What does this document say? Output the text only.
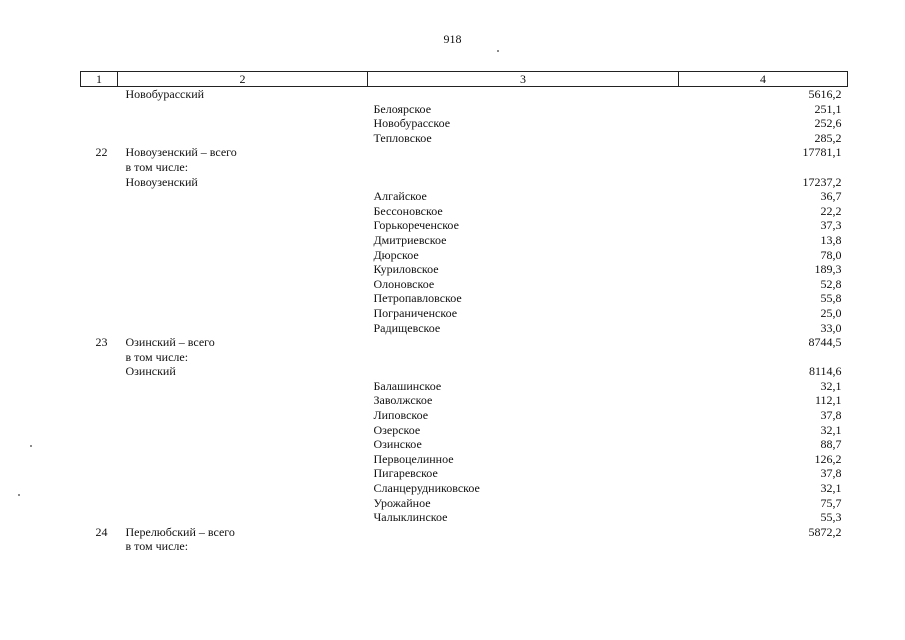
918
1	2	3	4
	Новобурасский		5616,2
		Белоярское	251,1
		Новобурасское	252,6
		Тепловское	285,2
22	Новоузенский – всего		17781,1
	в том числе:		
	Новоузенский		17237,2
		Алгайское	36,7
		Бессоновское	22,2
		Горькореченское	37,3
		Дмитриевское	13,8
		Дюрское	78,0
		Куриловское	189,3
		Олоновское	52,8
		Петропавловское	55,8
		Пограниченское	25,0
		Радищевское	33,0
23	Озинский – всего		8744,5
	в том числе:		
	Озинский		8114,6
		Балашинское	32,1
		Заволжское	112,1
		Липовское	37,8
		Озерское	32,1
		Озинское	88,7
		Первоцелинное	126,2
		Пигаревское	37,8
		Сланцерудниковское	32,1
		Урожайное	75,7
		Чалыклинское	55,3
24	Перелюбский – всего		5872,2
	в том числе:		
